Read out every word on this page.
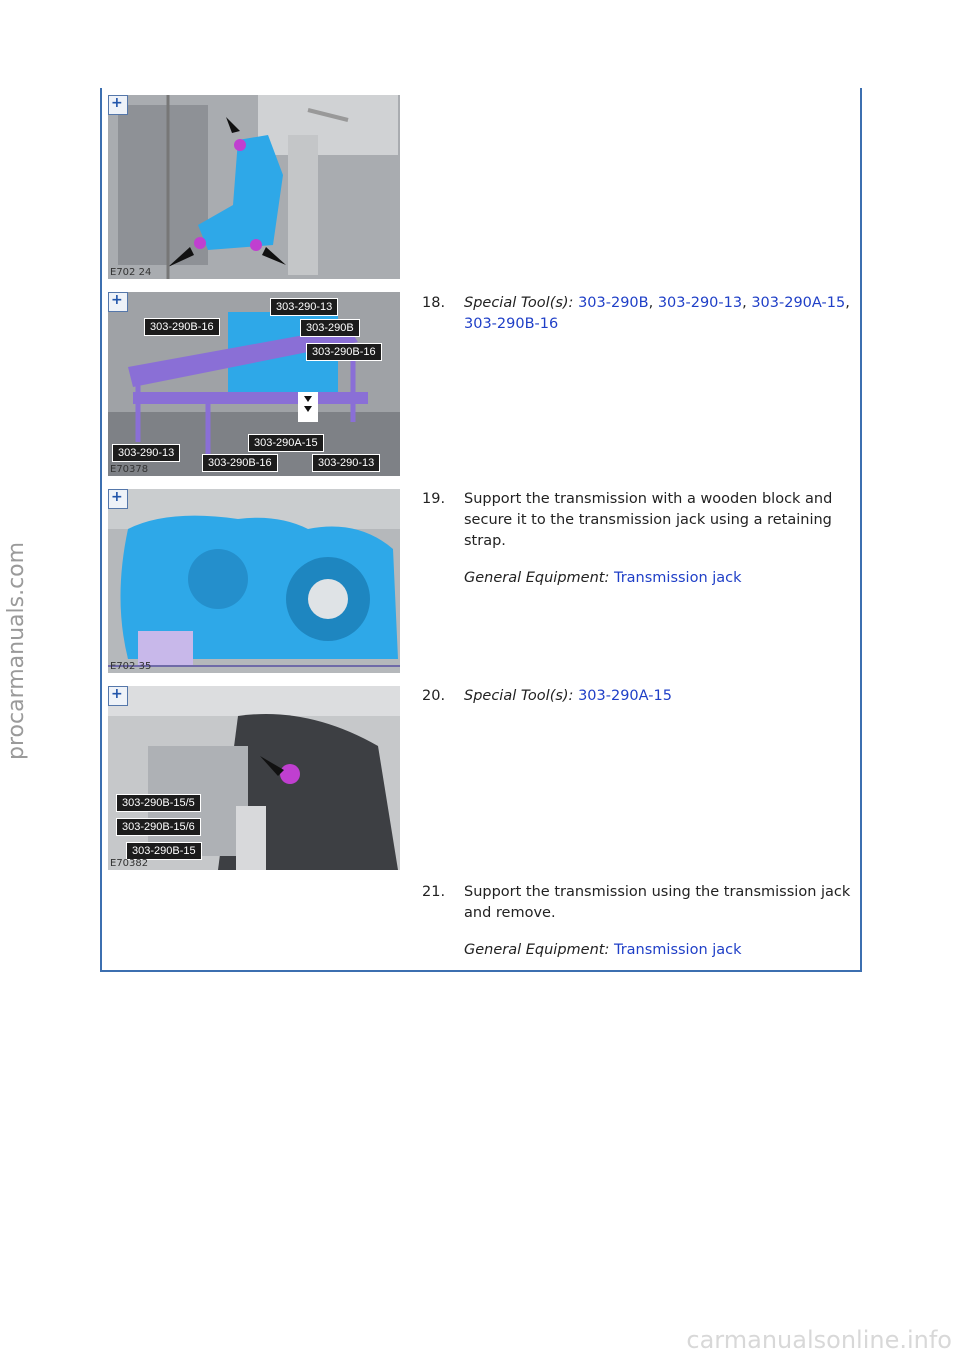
procarmanuals.com
carmanualsonline.info
+
E702 24
+	303-290-13
303-290B-16	303-290B
303-290B-16
303-290A-15
303-290-13
303-290B-16	303-290-13
E70378
+
E702 35
+
303-290B-15/5
303-290B-15/6
303-290B-15
E70382
18. Special Tool(s): 303-290B, 303-290-13, 303-290A-15, 303-290B-16
19. Support the transmission with a wooden block and secure it to the transmission jack using a retaining strap.
General Equipment: Transmission jack
20. Special Tool(s): 303-290A-15
21. Support the transmission using the transmission jack and remove.
General Equipment: Transmission jack
